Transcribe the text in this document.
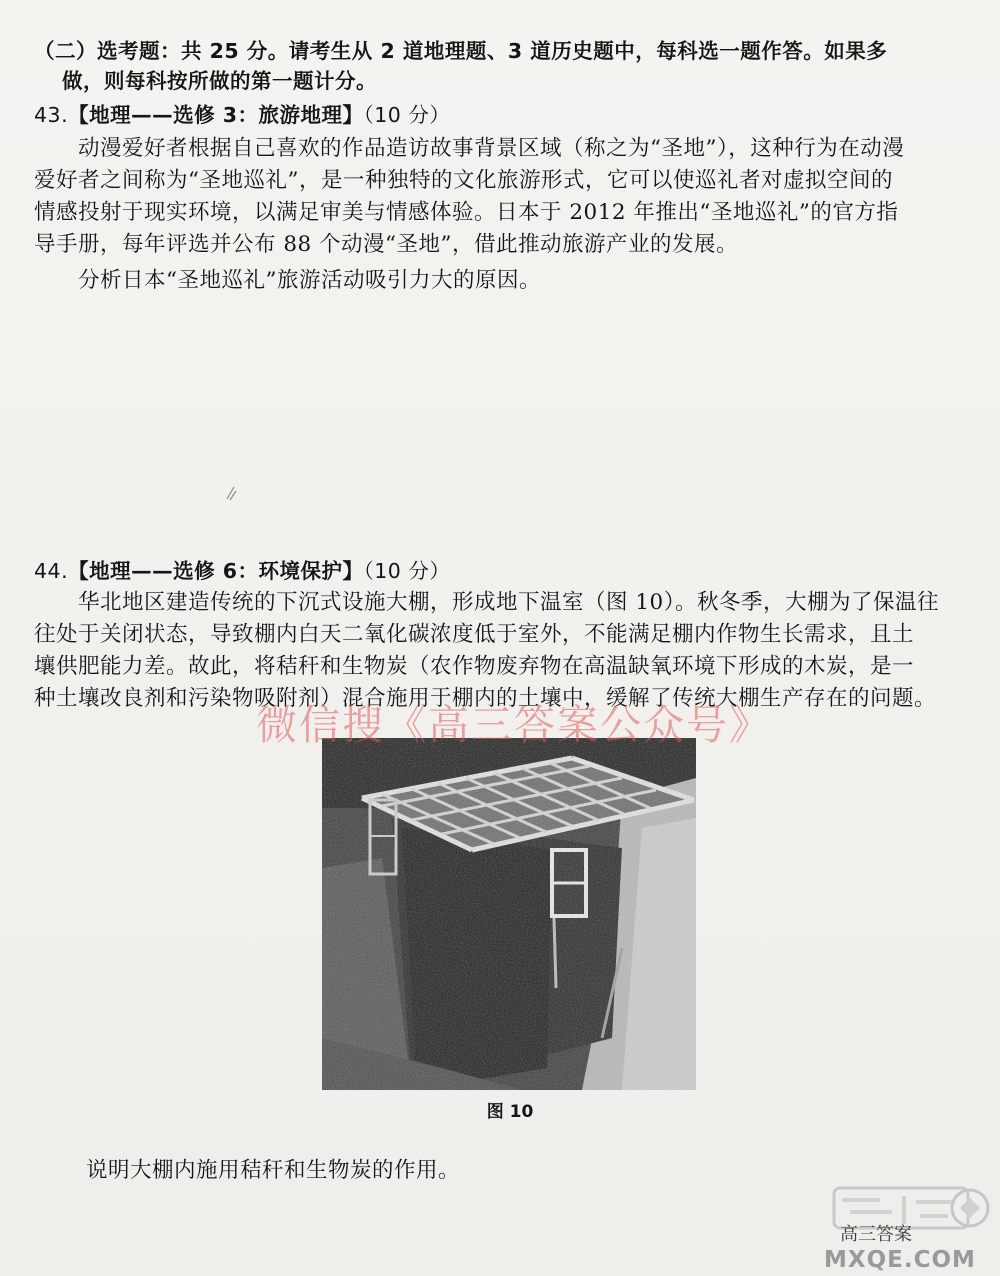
（二）选考题：共 25 分。请考生从 2 道地理题、3 道历史题中，每科选一题作答。如果多
做，则每科按所做的第一题计分。
43.【地理——选修 3：旅游地理】（10 分）
动漫爱好者根据自己喜欢的作品造访故事背景区域（称之为“圣地”），这种行为在动漫
爱好者之间称为“圣地巡礼”，是一种独特的文化旅游形式，它可以使巡礼者对虚拟空间的
情感投射于现实环境，以满足审美与情感体验。日本于 2012 年推出“圣地巡礼”的官方指
导手册，每年评选并公布 88 个动漫“圣地”，借此推动旅游产业的发展。
分析日本“圣地巡礼”旅游活动吸引力大的原因。
44.【地理——选修 6：环境保护】（10 分）
华北地区建造传统的下沉式设施大棚，形成地下温室（图 10）。秋冬季，大棚为了保温往
往处于关闭状态，导致棚内白天二氧化碳浓度低于室外，不能满足棚内作物生长需求，且土
壤供肥能力差。故此，将秸秆和生物炭（农作物废弃物在高温缺氧环境下形成的木炭，是一
种土壤改良剂和污染物吸附剂）混合施用于棚内的土壤中，缓解了传统大棚生产存在的问题。
图 10
微信搜《高三答案公众号》
说明大棚内施用秸秆和生物炭的作用。
高三答案
MXQE.COM
